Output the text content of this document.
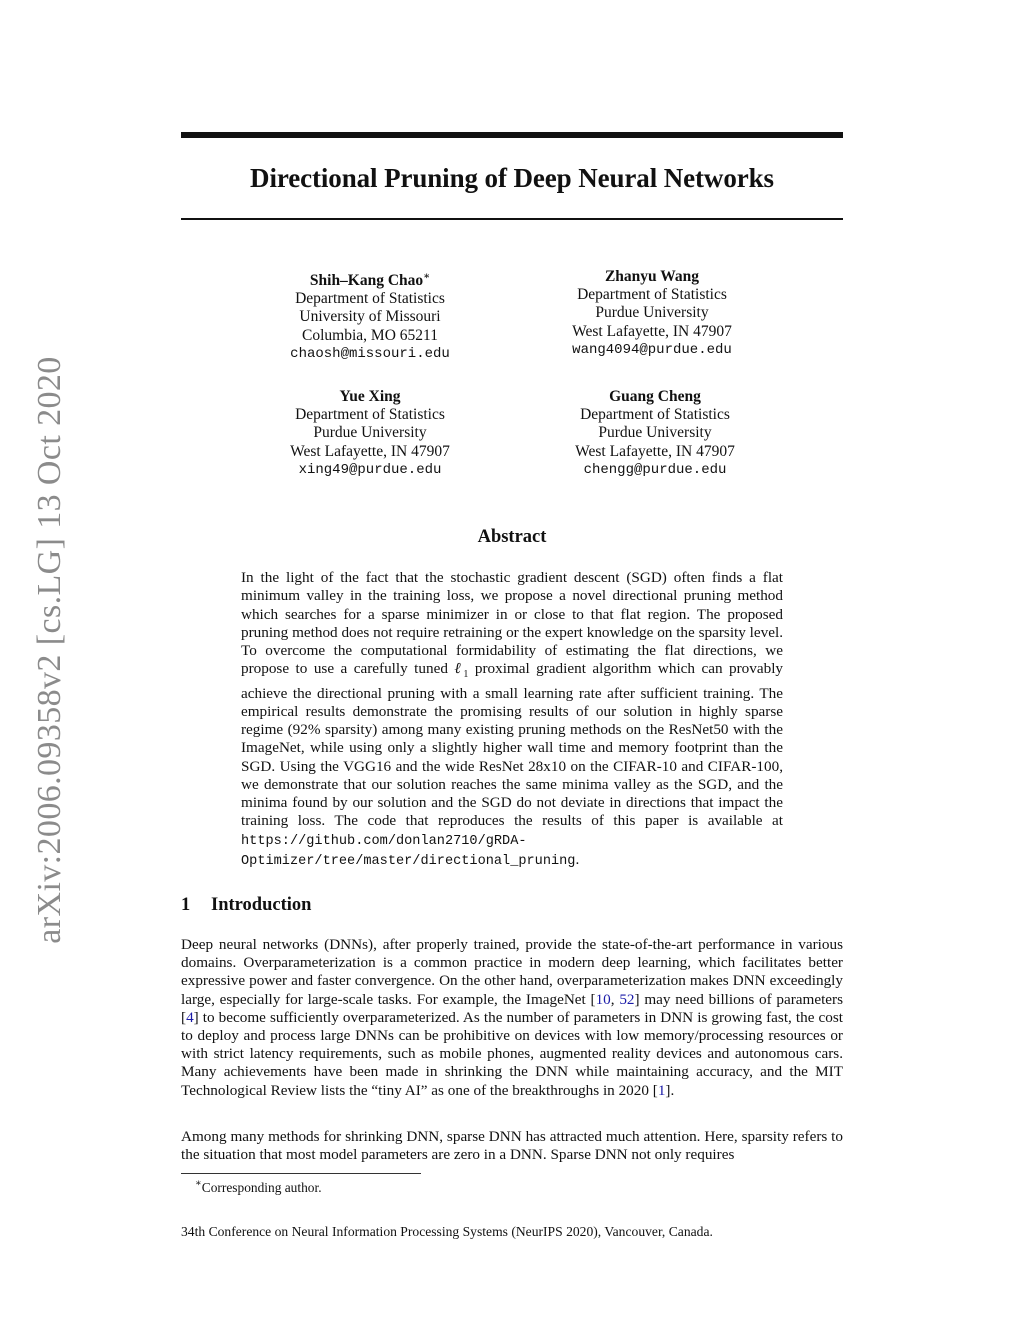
arXiv:2006.09358v2 [cs.LG] 13 Oct 2020
Directional Pruning of Deep Neural Networks
Shih–Kang Chao∗
Department of Statistics
University of Missouri
Columbia, MO 65211
chaosh@missouri.edu
Zhanyu Wang
Department of Statistics
Purdue University
West Lafayette, IN 47907
wang4094@purdue.edu
Yue Xing
Department of Statistics
Purdue University
West Lafayette, IN 47907
xing49@purdue.edu
Guang Cheng
Department of Statistics
Purdue University
West Lafayette, IN 47907
chengg@purdue.edu
Abstract
In the light of the fact that the stochastic gradient descent (SGD) often finds a flat minimum valley in the training loss, we propose a novel directional pruning method which searches for a sparse minimizer in or close to that flat region. The proposed pruning method does not require retraining or the expert knowledge on the sparsity level. To overcome the computational formidability of estimating the flat directions, we propose to use a carefully tuned ℓ$_1$ proximal gradient algorithm which can provably achieve the directional pruning with a small learning rate after sufficient training. The empirical results demonstrate the promising results of our solution in highly sparse regime (92% sparsity) among many existing pruning methods on the ResNet50 with the ImageNet, while using only a slightly higher wall time and memory footprint than the SGD. Using the VGG16 and the wide ResNet 28x10 on the CIFAR-10 and CIFAR-100, we demonstrate that our solution reaches the same minima valley as the SGD, and the minima found by our solution and the SGD do not deviate in directions that impact the training loss. The code that reproduces the results of this paper is available at https://github.com/donlan2710/gRDA-Optimizer/tree/master/directional_pruning.
1 Introduction

Deep neural networks (DNNs), after properly trained, provide the state-of-the-art performance in various domains. Overparameterization is a common practice in modern deep learning, which facilitates better expressive power and faster convergence. On the other hand, overparameterization makes DNN exceedingly large, especially for large-scale tasks. For example, the ImageNet [10, 52] may need billions of parameters [4] to become sufficiently overparameterized. As the number of parameters in DNN is growing fast, the cost to deploy and process large DNNs can be prohibitive on devices with low memory/processing resources or with strict latency requirements, such as mobile phones, augmented reality devices and autonomous cars. Many achievements have been made in shrinking the DNN while maintaining accuracy, and the MIT Technological Review lists the “tiny AI” as one of the breakthroughs in 2020 [1].

Among many methods for shrinking DNN, sparse DNN has attracted much attention. Here, sparsity refers to the situation that most model parameters are zero in a DNN. Sparse DNN not only requires

∗Corresponding author.
34th Conference on Neural Information Processing Systems (NeurIPS 2020), Vancouver, Canada.
